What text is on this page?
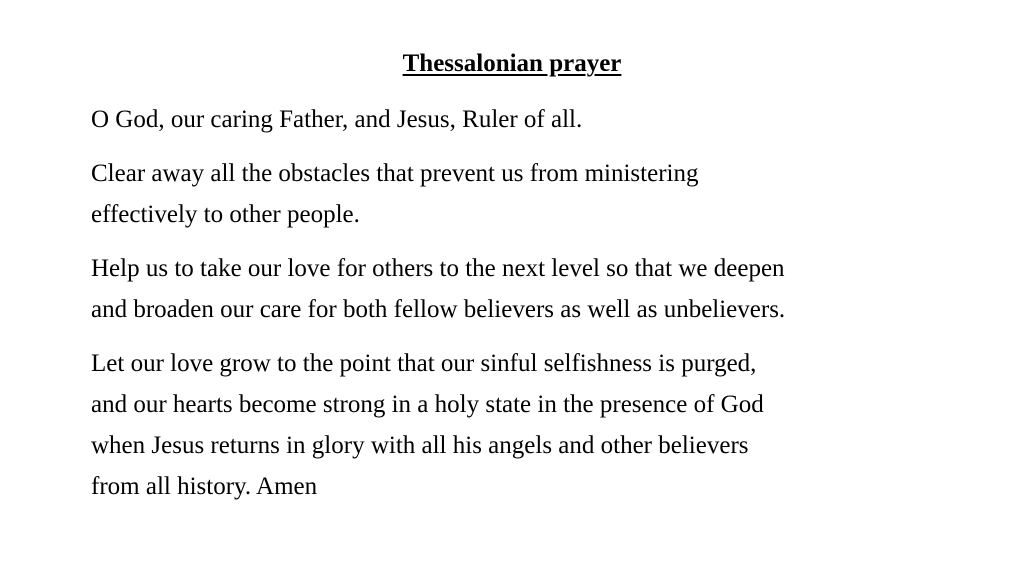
Thessalonian prayer

O God, our caring Father, and Jesus, Ruler of all.

Clear away all the obstacles that prevent us from ministering
effectively to other people.

Help us to take our love for others to the next level so that we deepen
and broaden our care for both fellow believers as well as unbelievers.

Let our love grow to the point that our sinful selfishness is purged,
and our hearts become strong in a holy state in the presence of God
when Jesus returns in glory with all his angels and other believers
from all history. Amen
